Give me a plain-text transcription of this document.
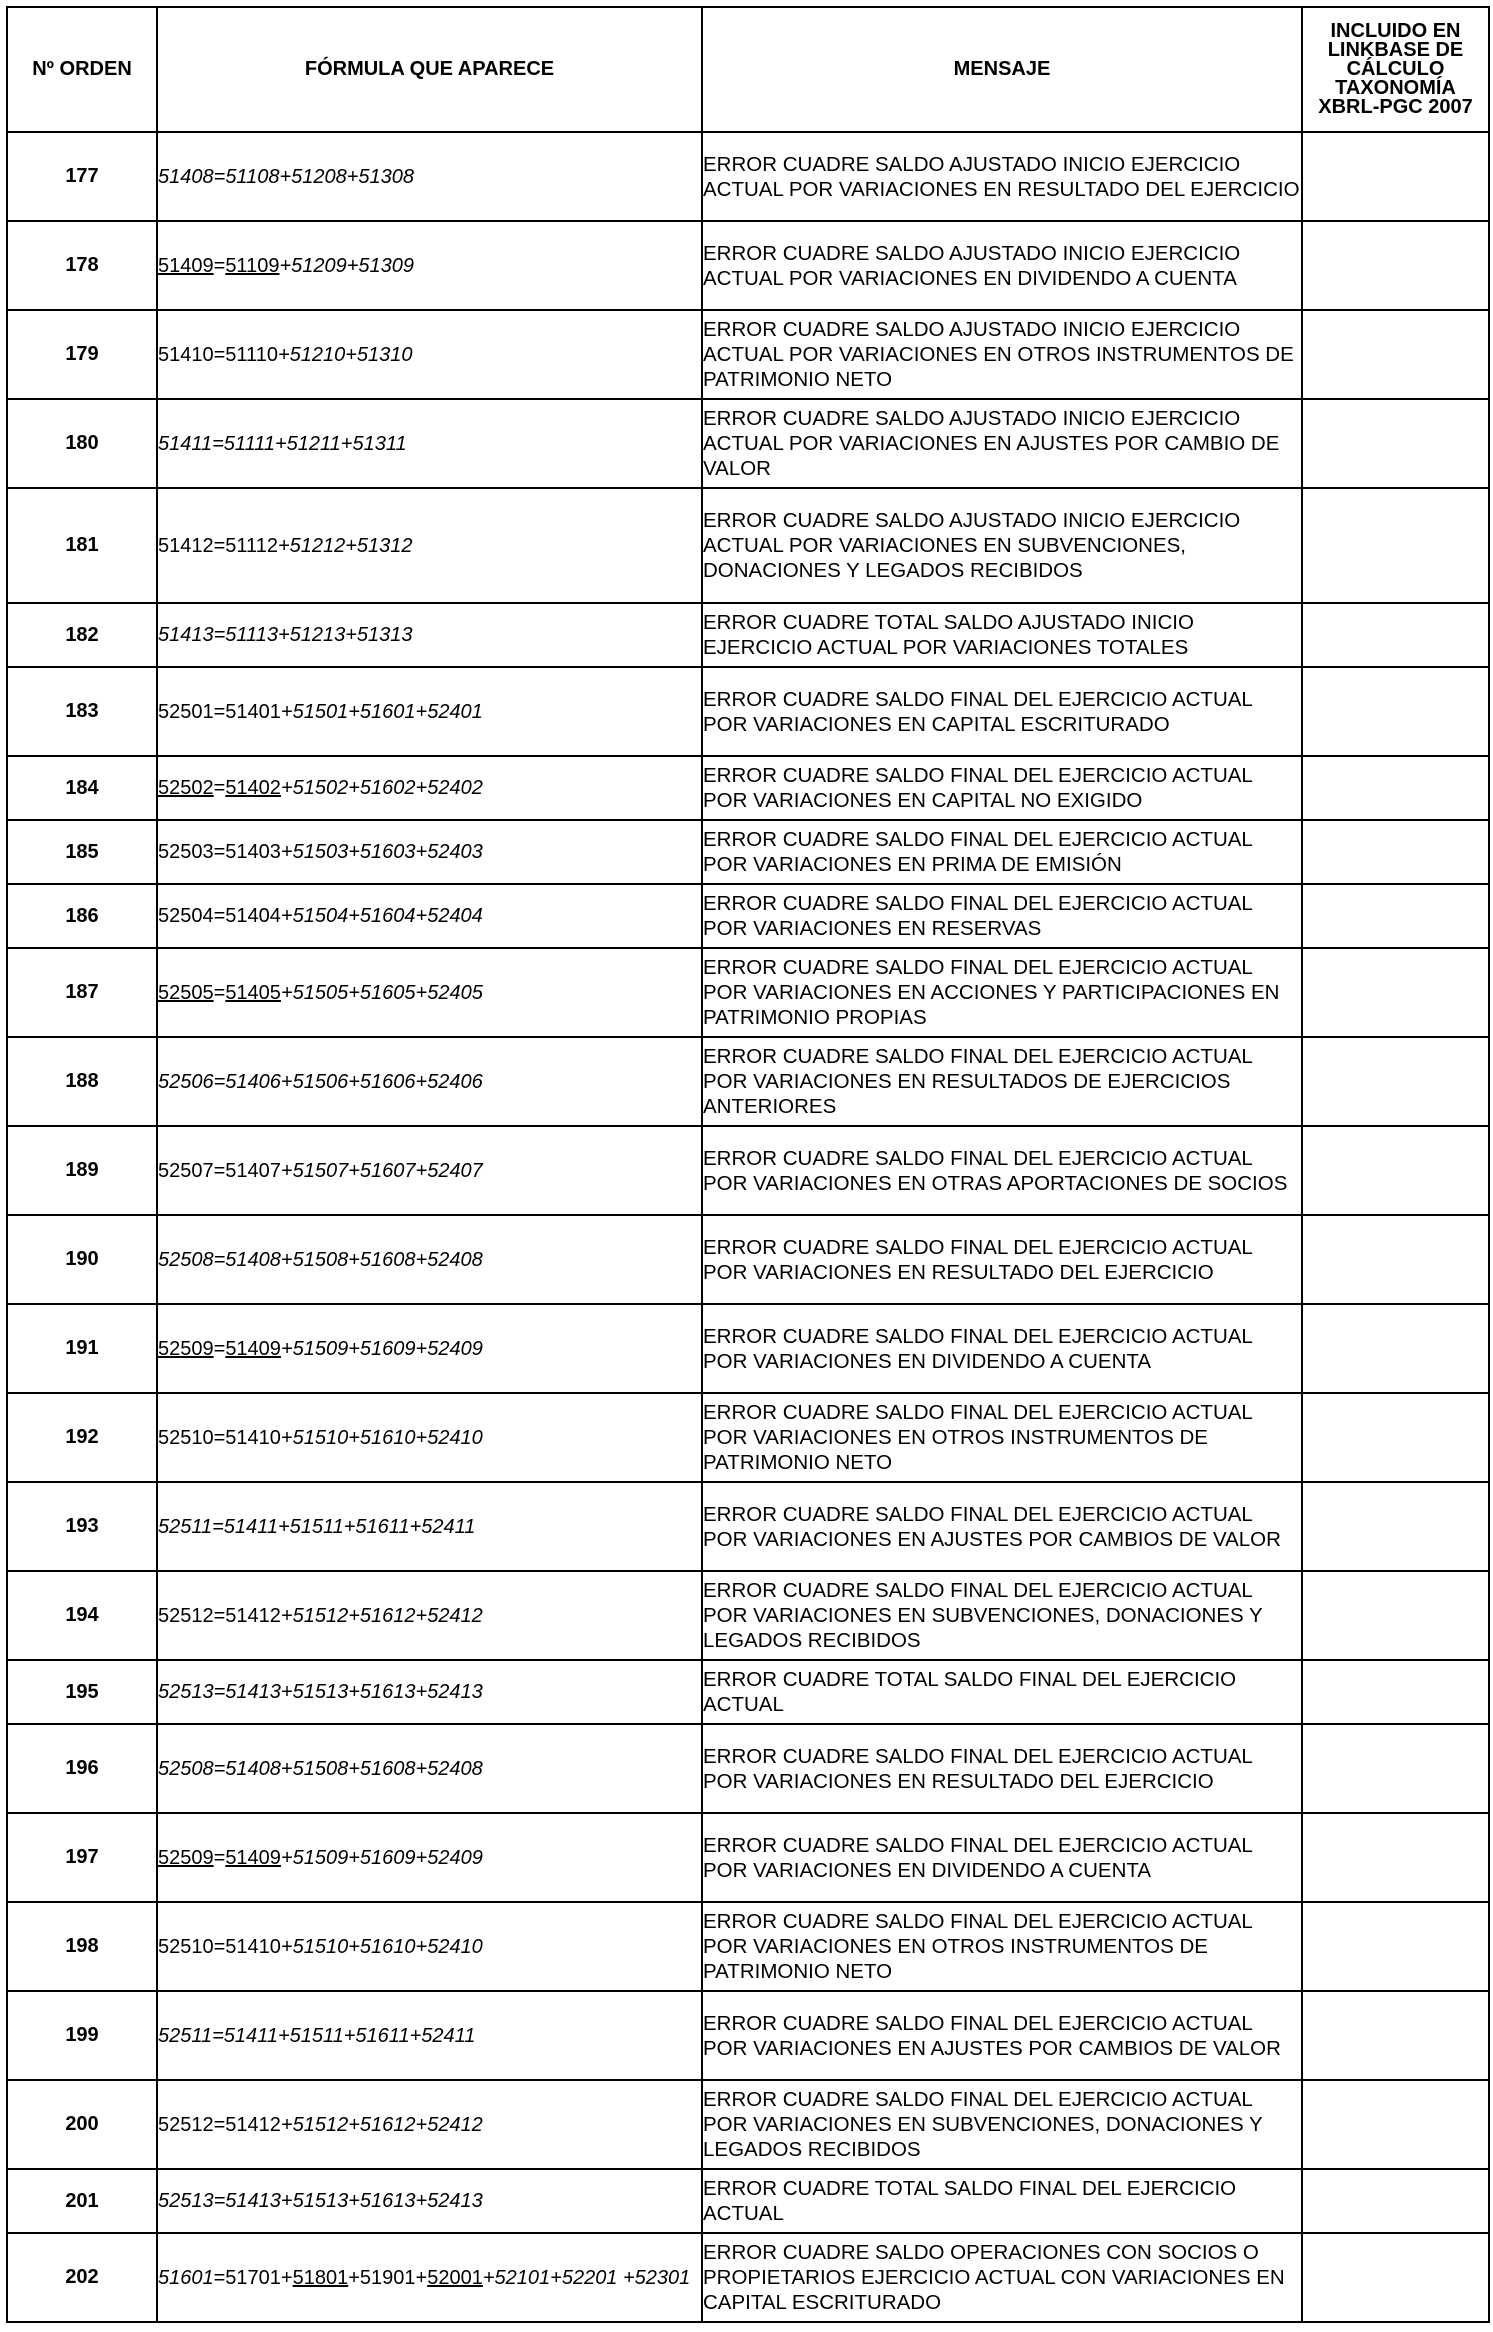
Nº ORDEN	FÓRMULA QUE APARECE	MENSAJE	INCLUIDO EN LINKBASE DE CÁLCULO TAXONOMÍA XBRL-PGC 2007
177	51408=51108+51208+51308	ERROR CUADRE SALDO AJUSTADO INICIO EJERCICIO ACTUAL POR VARIACIONES EN RESULTADO DEL EJERCICIO	
178	51409=51109+51209+51309	ERROR CUADRE SALDO AJUSTADO INICIO EJERCICIO ACTUAL POR VARIACIONES EN DIVIDENDO A CUENTA	
179	51410=51110+51210+51310	ERROR CUADRE SALDO AJUSTADO INICIO EJERCICIO ACTUAL POR VARIACIONES EN OTROS INSTRUMENTOS DE PATRIMONIO NETO	
180	51411=51111+51211+51311	ERROR CUADRE SALDO AJUSTADO INICIO EJERCICIO ACTUAL POR VARIACIONES EN AJUSTES POR CAMBIO DE VALOR	
181	51412=51112+51212+51312	ERROR CUADRE SALDO AJUSTADO INICIO EJERCICIO ACTUAL POR VARIACIONES EN SUBVENCIONES, DONACIONES Y LEGADOS RECIBIDOS	
182	51413=51113+51213+51313	ERROR CUADRE TOTAL SALDO AJUSTADO INICIO EJERCICIO ACTUAL POR VARIACIONES TOTALES	
183	52501=51401+51501+51601+52401	ERROR CUADRE SALDO FINAL DEL EJERCICIO ACTUAL POR VARIACIONES EN CAPITAL ESCRITURADO	
184	52502=51402+51502+51602+52402	ERROR CUADRE SALDO FINAL DEL EJERCICIO ACTUAL POR VARIACIONES EN CAPITAL NO EXIGIDO	
185	52503=51403+51503+51603+52403	ERROR CUADRE SALDO FINAL DEL EJERCICIO ACTUAL POR VARIACIONES EN PRIMA DE EMISIÓN	
186	52504=51404+51504+51604+52404	ERROR CUADRE SALDO FINAL DEL EJERCICIO ACTUAL POR VARIACIONES EN RESERVAS	
187	52505=51405+51505+51605+52405	ERROR CUADRE SALDO FINAL DEL EJERCICIO ACTUAL POR VARIACIONES EN ACCIONES Y PARTICIPACIONES EN PATRIMONIO PROPIAS	
188	52506=51406+51506+51606+52406	ERROR CUADRE SALDO FINAL DEL EJERCICIO ACTUAL POR VARIACIONES EN RESULTADOS DE EJERCICIOS ANTERIORES	
189	52507=51407+51507+51607+52407	ERROR CUADRE SALDO FINAL DEL EJERCICIO ACTUAL POR VARIACIONES EN OTRAS APORTACIONES DE SOCIOS	
190	52508=51408+51508+51608+52408	ERROR CUADRE SALDO FINAL DEL EJERCICIO ACTUAL POR VARIACIONES EN RESULTADO DEL EJERCICIO	
191	52509=51409+51509+51609+52409	ERROR CUADRE SALDO FINAL DEL EJERCICIO ACTUAL POR VARIACIONES EN DIVIDENDO A CUENTA	
192	52510=51410+51510+51610+52410	ERROR CUADRE SALDO FINAL DEL EJERCICIO ACTUAL POR VARIACIONES EN OTROS INSTRUMENTOS DE PATRIMONIO NETO	
193	52511=51411+51511+51611+52411	ERROR CUADRE SALDO FINAL DEL EJERCICIO ACTUAL POR VARIACIONES EN AJUSTES POR CAMBIOS DE VALOR	
194	52512=51412+51512+51612+52412	ERROR CUADRE SALDO FINAL DEL EJERCICIO ACTUAL POR VARIACIONES EN SUBVENCIONES, DONACIONES Y LEGADOS RECIBIDOS	
195	52513=51413+51513+51613+52413	ERROR CUADRE TOTAL SALDO FINAL DEL EJERCICIO ACTUAL	
196	52508=51408+51508+51608+52408	ERROR CUADRE SALDO FINAL DEL EJERCICIO ACTUAL POR VARIACIONES EN RESULTADO DEL EJERCICIO	
197	52509=51409+51509+51609+52409	ERROR CUADRE SALDO FINAL DEL EJERCICIO ACTUAL POR VARIACIONES EN DIVIDENDO A CUENTA	
198	52510=51410+51510+51610+52410	ERROR CUADRE SALDO FINAL DEL EJERCICIO ACTUAL POR VARIACIONES EN OTROS INSTRUMENTOS DE PATRIMONIO NETO	
199	52511=51411+51511+51611+52411	ERROR CUADRE SALDO FINAL DEL EJERCICIO ACTUAL POR VARIACIONES EN AJUSTES POR CAMBIOS DE VALOR	
200	52512=51412+51512+51612+52412	ERROR CUADRE SALDO FINAL DEL EJERCICIO ACTUAL POR VARIACIONES EN SUBVENCIONES, DONACIONES Y LEGADOS RECIBIDOS	
201	52513=51413+51513+51613+52413	ERROR CUADRE TOTAL SALDO FINAL DEL EJERCICIO ACTUAL	
202	51601=51701+51801+51901+52001+52101+52201 +52301	ERROR CUADRE SALDO OPERACIONES CON SOCIOS O PROPIETARIOS EJERCICIO ACTUAL CON VARIACIONES EN CAPITAL ESCRITURADO	
